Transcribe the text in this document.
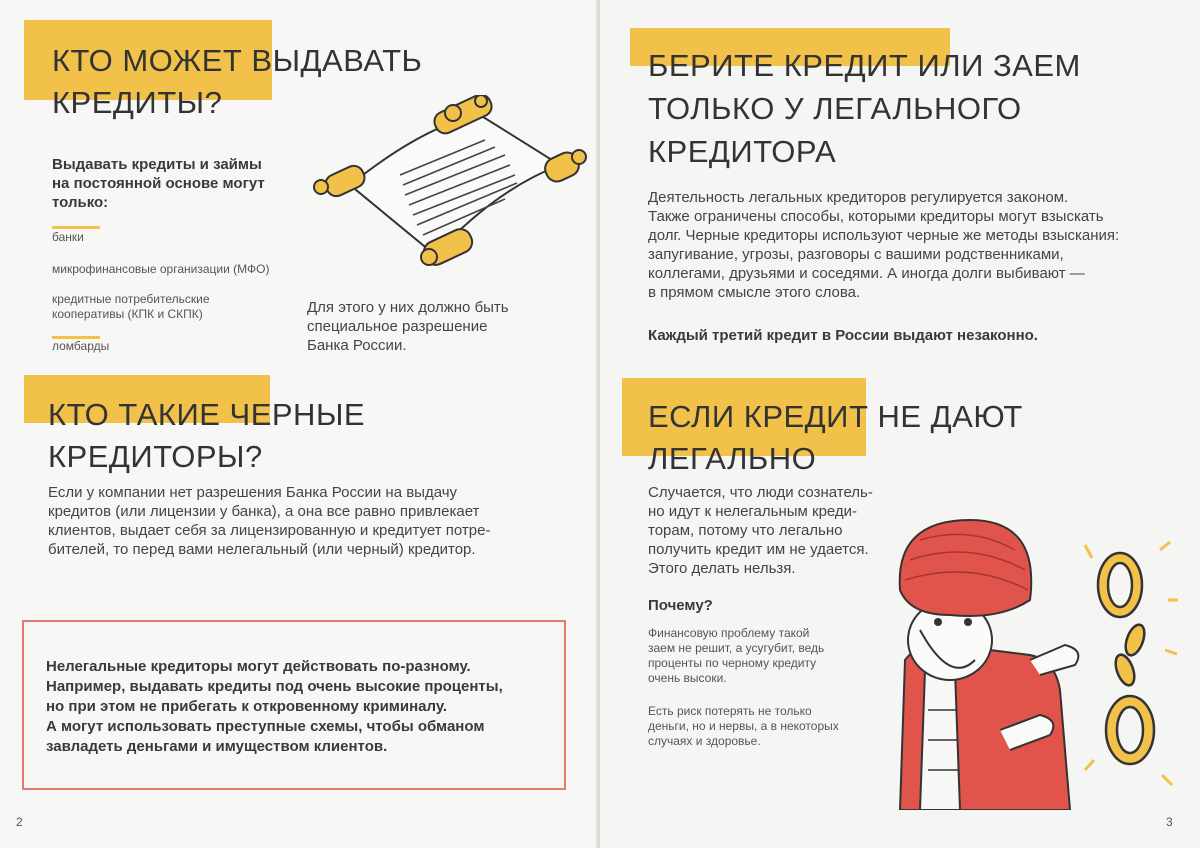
КТО МОЖЕТ ВЫДАВАТЬ
КРЕДИТЫ?

Выдавать кредиты и займы
на постоянной основе могут
только:

банки

микрофинансовые организации (МФО)

кредитные потребительские
кооперативы (КПК и СКПК)

ломбарды

Для этого у них должно быть
специальное разрешение
Банка России.

КТО ТАКИЕ ЧЕРНЫЕ
КРЕДИТОРЫ?

Если у компании нет разрешения Банка России на выдачу
кредитов (или лицензии у банка), а она все равно привлекает
клиентов, выдает себя за лицензированную и кредитует потре-
бителей, то перед вами нелегальный (или черный) кредитор.

Нелегальные кредиторы могут действовать по-разному.
Например, выдавать кредиты под очень высокие проценты,
но при этом не прибегать к откровенному криминалу.
А могут использовать преступные схемы, чтобы обманом
завладеть деньгами и имуществом клиентов.

2
БЕРИТЕ КРЕДИТ ИЛИ ЗАЕМ
ТОЛЬКО У ЛЕГАЛЬНОГО
КРЕДИТОРА

Деятельность легальных кредиторов регулируется законом.
Также ограничены способы, которыми кредиторы могут взыскать
долг. Черные кредиторы используют черные же методы взыскания:
запугивание, угрозы, разговоры с вашими родственниками,
коллегами, друзьями и соседями. А иногда долги выбивают —
в прямом смысле этого слова.

Каждый третий кредит в России выдают незаконно.

ЕСЛИ КРЕДИТ НЕ ДАЮТ
ЛЕГАЛЬНО

Случается, что люди сознатель-
но идут к нелегальным креди-
торам, потому что легально
получить кредит им не удается.
Этого делать нельзя.

Почему?

Финансовую проблему такой
заем не решит, а усугубит, ведь
проценты по черному кредиту
очень высоки.

Есть риск потерять не только
деньги, но и нервы, а в некоторых
случаях и здоровье.

3
